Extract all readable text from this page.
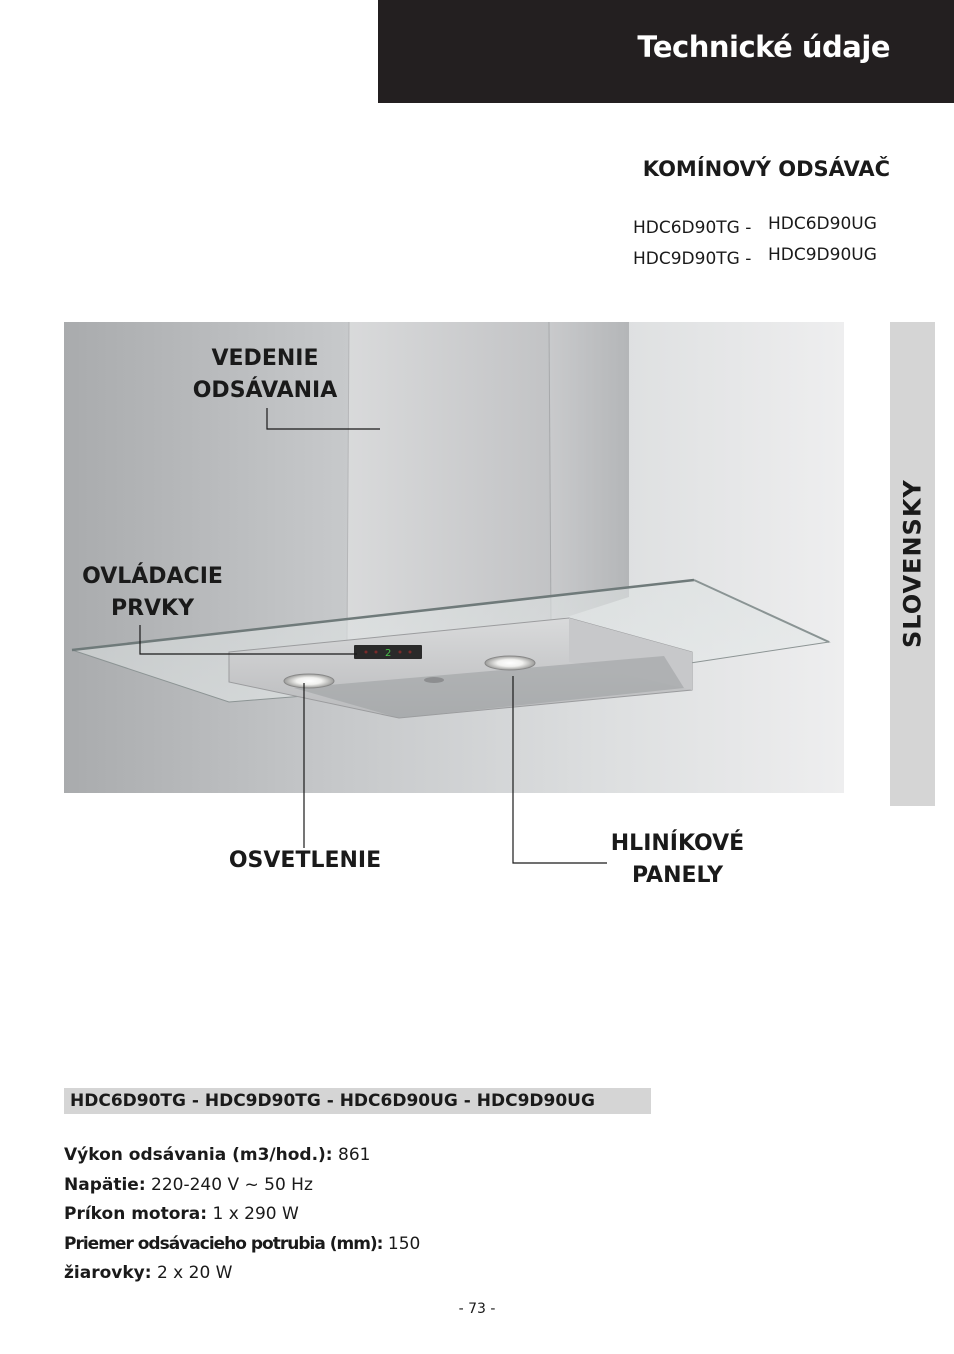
Technické údaje
KOMÍNOVÝ ODSÁVAČ
HDC6D90TG - HDC6D90UG
HDC9D90TG - HDC9D90UG
SLOVENSKY
2
VEDENIE
ODSÁVANIA
OVLÁDACIE
PRVKY
OSVETLENIE
HLINÍKOVÉ
PANELY
HDC6D90TG - HDC9D90TG - HDC6D90UG - HDC9D90UG
Výkon odsávania (m3/hod.): 861
Napätie: 220-240 V ~ 50 Hz
Príkon motora: 1 x 290 W
Priemer odsávacieho potrubia (mm): 150
žiarovky: 2 x 20 W
- 73 -
